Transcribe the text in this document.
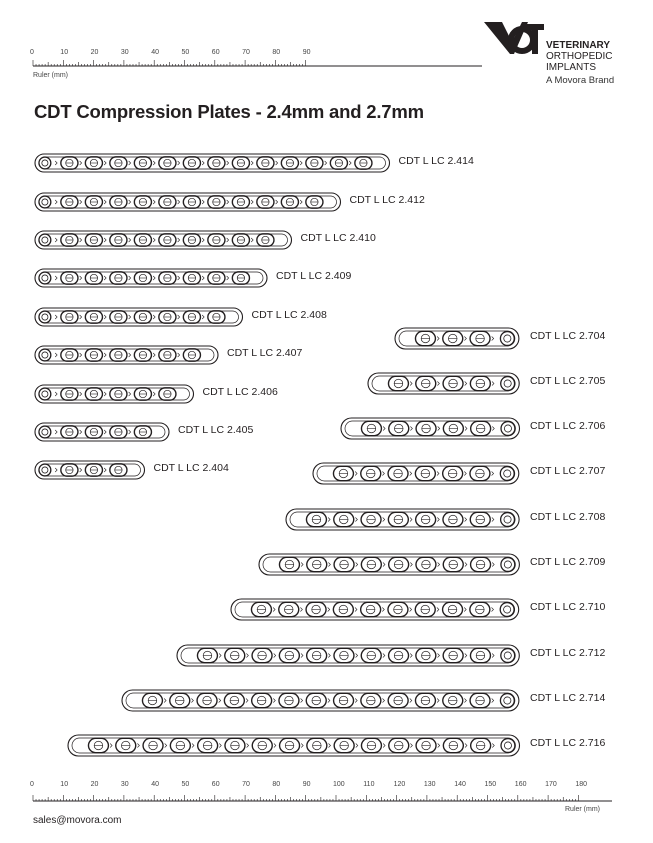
0	10	20	30	40	50	60	70	80	90
Ruler (mm)
VETERINARY
ORTHOPEDIC
IMPLANTS
A Movora Brand
CDT Compression Plates - 2.4mm and 2.7mm
CDT L LC 2.414
CDT L LC 2.412
CDT L LC 2.410
CDT L LC 2.409
CDT L LC 2.408
CDT L LC 2.407
CDT L LC 2.406
CDT L LC 2.405
CDT L LC 2.404
CDT L LC 2.704
CDT L LC 2.705
CDT L LC 2.706
CDT L LC 2.707
CDT L LC 2.708
CDT L LC 2.709
CDT L LC 2.710
CDT L LC 2.712
CDT L LC 2.714
CDT L LC 2.716
0	10	20	30	40	50	60	70	80	90	100	110	120	130	140	150	160	170	180
Ruler (mm)
sales@movora.com
